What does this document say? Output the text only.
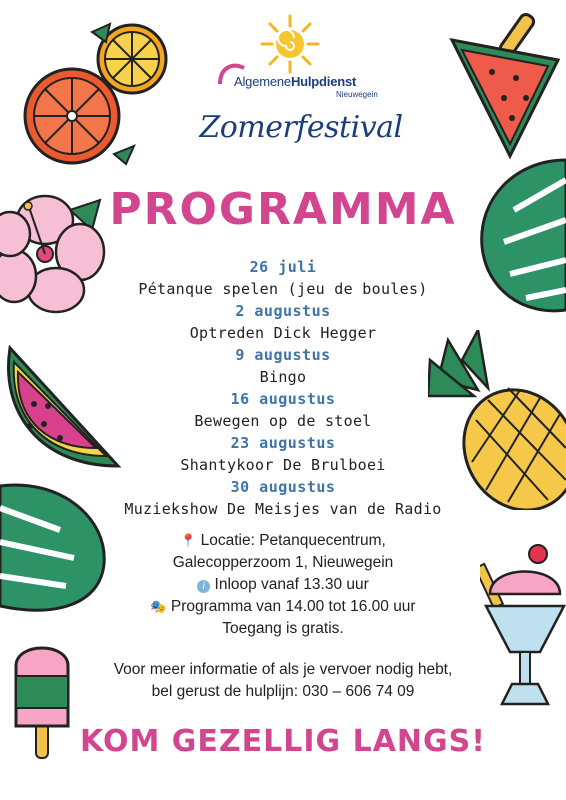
AlgemeneHulpdienst
Nieuwegein
Zomerfestival
PROGRAMMA
26 juli
Pétanque spelen (jeu de boules)
2 augustus
Optreden Dick Hegger
9 augustus
Bingo
16 augustus
Bewegen op de stoel
23 augustus
Shantykoor De Brulboei
30 augustus
Muziekshow De Meisjes van de Radio
📍 Locatie: Petanquecentrum,
Galecopperzoom 1, Nieuwegein
i Inloop vanaf 13.30 uur
🎭 Programma van 14.00 tot 16.00 uur
Toegang is gratis.
Voor meer informatie of als je vervoer nodig hebt,
bel gerust de hulplijn: 030 – 606 74 09
KOM GEZELLIG LANGS!
